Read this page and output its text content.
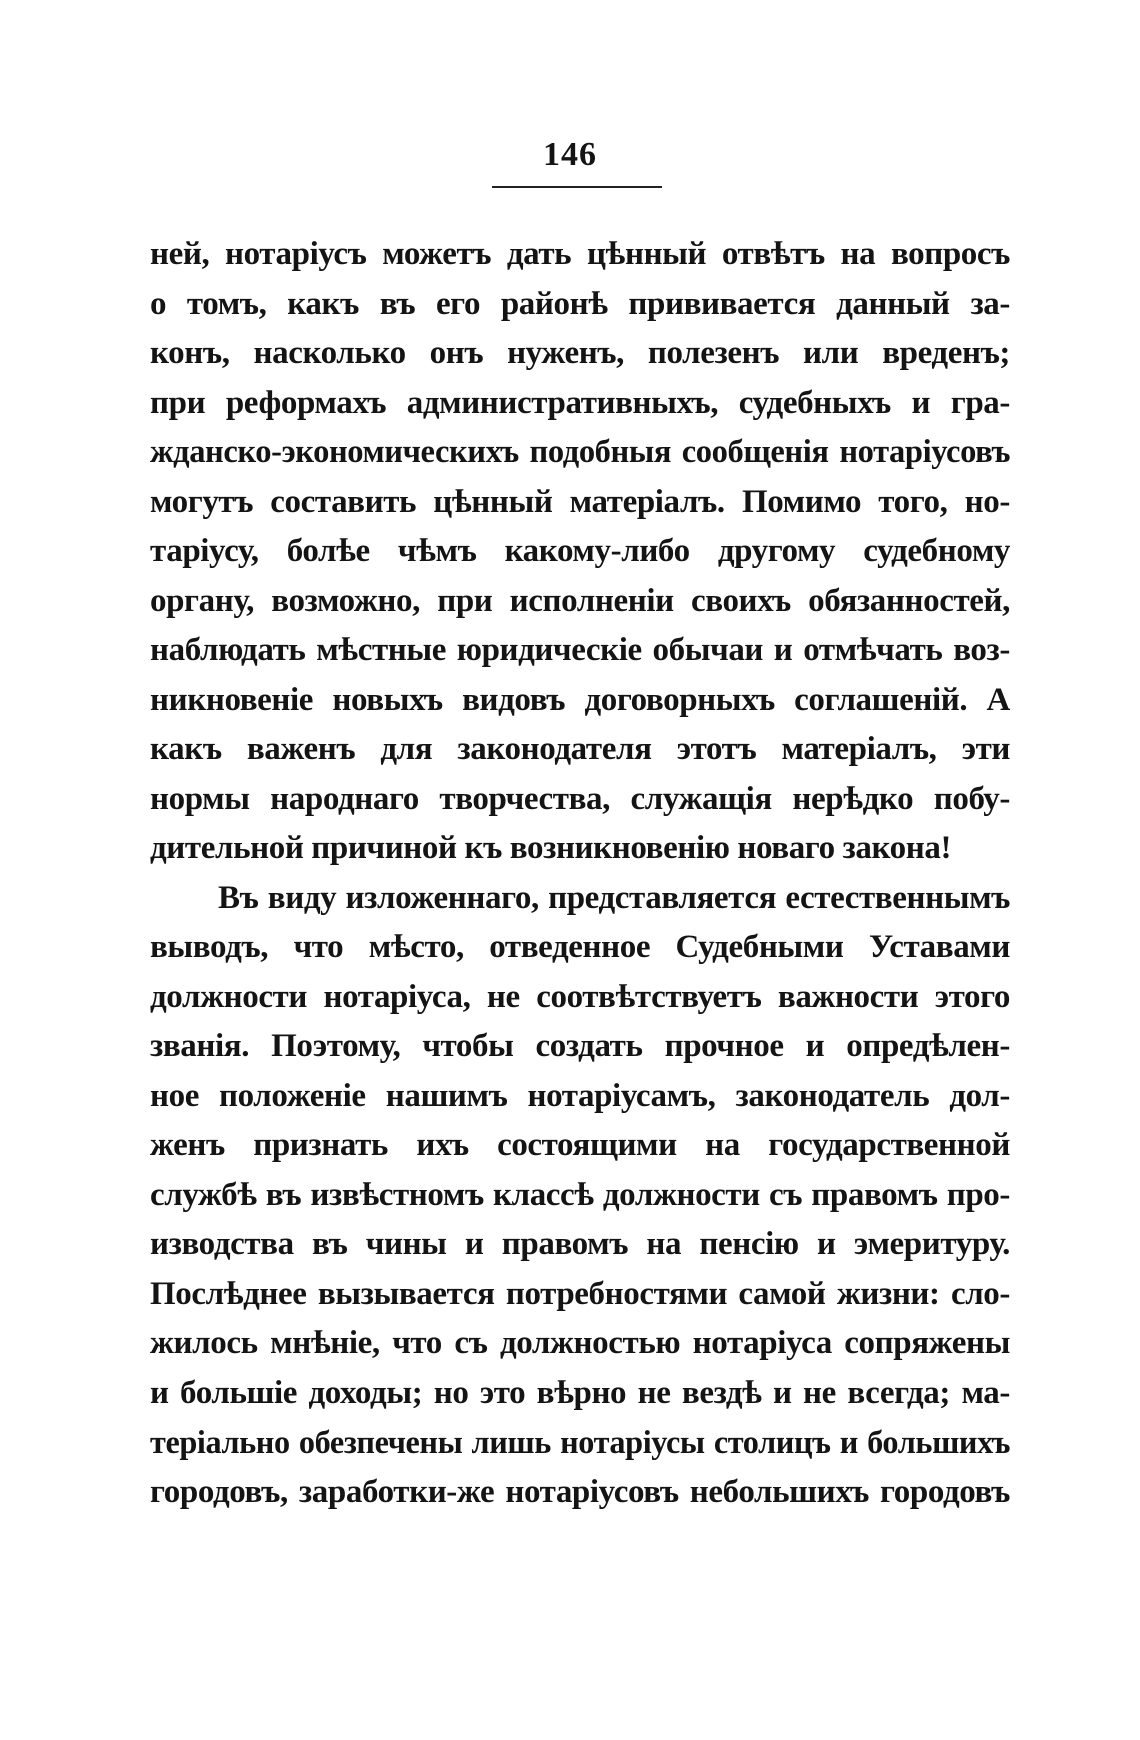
146
ней, нотаріусъ можетъ дать цѣнный отвѣтъ на вопросъ
о томъ, какъ въ его районѣ прививается данный за-
конъ, насколько онъ нуженъ, полезенъ или вреденъ;
при реформахъ административныхъ, судебныхъ и гра-
жданско-экономическихъ подобныя сообщенія нотаріусовъ
могутъ составить цѣнный матеріалъ. Помимо того, но-
таріусу, болѣе чѣмъ какому-либо другому судебному
органу, возможно, при исполненіи своихъ обязанностей,
наблюдать мѣстные юридическіе обычаи и отмѣчать воз-
никновеніе новыхъ видовъ договорныхъ соглашеній. А
какъ важенъ для законодателя этотъ матеріалъ, эти
нормы народнаго творчества, служащія нерѣдко побу-
дительной причиной къ возникновенію новаго закона!
Въ виду изложеннаго, представляется естественнымъ
выводъ, что мѣсто, отведенное Судебными Уставами
должности нотаріуса, не соотвѣтствуетъ важности этого
званія. Поэтому, чтобы создать прочное и опредѣлен-
ное положеніе нашимъ нотаріусамъ, законодатель дол-
женъ признать ихъ состоящими на государственной
службѣ въ извѣстномъ классѣ должности съ правомъ про-
изводства въ чины и правомъ на пенсію и эмеритуру.
Послѣднее вызывается потребностями самой жизни: сло-
жилось мнѣніе, что съ должностью нотаріуса сопряжены
и большіе доходы; но это вѣрно не вездѣ и не всегда; ма-
теріально обезпечены лишь нотаріусы столицъ и большихъ
городовъ, заработки-же нотаріусовъ небольшихъ городовъ
